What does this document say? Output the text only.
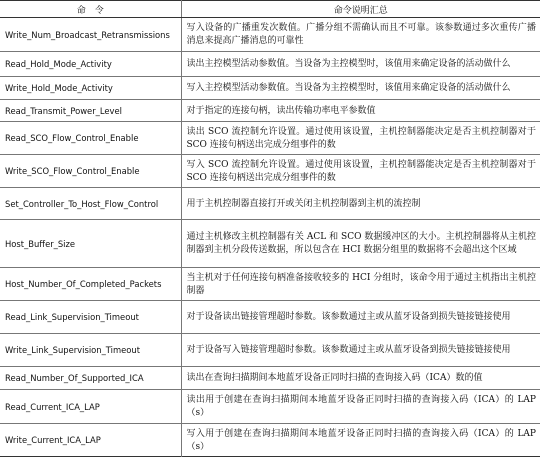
命　令	命令说明汇总
Write_Num_Broadcast_Retransmissions	写入设备的广播重发次数值。广播分组不需确认而且不可靠。该参数通过多次重传广播消息来提高广播消息的可靠性
Read_Hold_Mode_Activity	读出主控模型活动参数值。当设备为主控模型时，该值用来确定设备的活动做什么
Write_Hold_Mode_Activity	写入主控模型活动参数值。当设备为主控模型时，该值用来确定设备的活动做什么
Read_Transmit_Power_Level	对于指定的连接句柄，读出传输功率电平参数值
Read_SCO_Flow_Control_Enable	读出 SCO 流控制允许设置。通过使用该设置，主机控制器能决定是否主机控制器对于 SCO 连接句柄送出完成分组事件的数
Write_SCO_Flow_Control_Enable	写入 SCO 流控制允许设置。通过使用该设置，主机控制器能决定是否主机控制器对于 SCO 连接句柄送出完成分组事件的数
Set_Controller_To_Host_Flow_Control	用于主机控制器直接打开或关闭主机控制器到主机的流控制
Host_Buffer_Size	通过主机修改主机控制器有关 ACL 和 SCO 数据缓冲区的大小。主机控制器将从主机控制器到主机分段传送数据，所以包含在 HCI 数据分组里的数据将不会超出这个区域
Host_Number_Of_Completed_Packets	当主机对于任何连接句柄准备接收较多的 HCI 分组时，该命令用于通过主机指出主机控制器
Read_Link_Supervision_Timeout	对于设备读出链接管理超时参数。该参数通过主或从蓝牙设备到损失链接链接使用
Write_Link_Supervision_Timeout	对于设备写入链接管理超时参数。该参数通过主或从蓝牙设备到损失链接链接使用
Read_Number_Of_Supported_ICA	读出在查询扫描期间本地蓝牙设备正同时扫描的查询接入码（ICA）数的值
Read_Current_ICA_LAP	读出用于创建在查询扫描期间本地蓝牙设备正同时扫描的查询接入码（ICA）的 LAP（s）
Write_Current_ICA_LAP	写入用于创建在查询扫描期间本地蓝牙设备正同时扫描的查询接入码（ICA）的 LAP（s）
